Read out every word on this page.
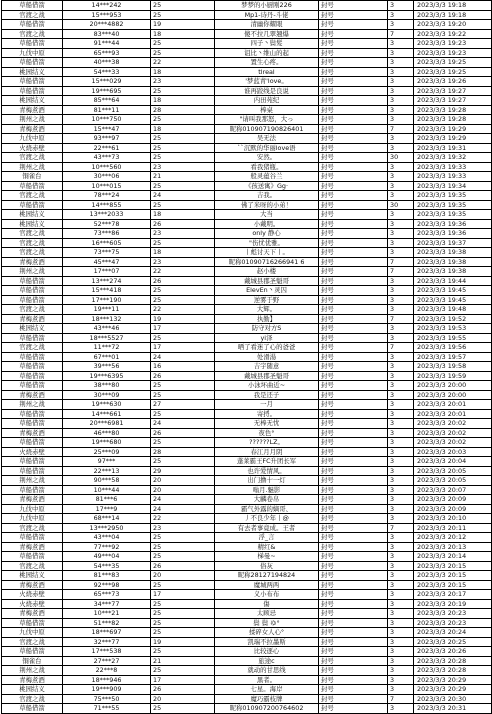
草船借箭	14***242	25	梦梦的小厨刚226	封号	3	2023/3/3 19:18
官渡之战	15***953	25	Mp1-诗丹-斗佬	封号	3	2023/3/3 19:18
草船借箭	20***4882	19	清幽你耀眼	封号	3	2023/3/3 19:20
官渡之战	83***40	18	傻不拉几翠翘爆	封号	7	2023/3/3 19:22
草船借箭	91***44	25	四子丶鬓髪	封号	3	2023/3/3 19:23
九伐中原	65***93	25	诅比丶维山的起	封号	3	2023/3/3 19:23
草船借箭	40***38	22	置生心疼。	封号	3	2023/3/3 19:25
桃园结义	54***33	18	tlreal	封号	3	2023/3/3 19:25
草船借箭	15***029	23	'梦蓝青'love。	封号	3	2023/3/3 19:26
草船借箭	19***695	25	谁再跤线是良说	封号	3	2023/3/3 19:27
桃园结义	85***64	18	内田苑纪	封号	3	2023/3/3 19:27
青梅煮酒	81***11	28	棒桌	封号	3	2023/3/3 19:28
荆州之战	10***750	25	"请叫我那怒，大っ	封号	3	2023/3/3 19:28
青梅煮酒	15***47	18	昵称010907190826401	封号	7	2023/3/3 19:29
九伐中原	93***97	25	吴无法	封号	3	2023/3/3 19:29
火烧赤壁	22***61	25	``沉默的华丽love语	封号	3	2023/3/3 19:31
官渡之战	43***73	25	安然。	封号	30	2023/3/3 19:32
荆州之战	10***560	23	看我猪瓶。	封号	3	2023/3/3 19:33
铜雀台	30***06	21	般灵蕴谷兰	封号	3	2023/3/3 19:33
草船借箭	10***015	25	《孩送寓》Gg·	封号	3	2023/3/3 19:34
官渡之战	78***24	24	吉我。	封号	3	2023/3/3 19:35
草船借箭	14***855	25	佛了米呀的小弟！	封号	30	2023/3/3 19:35
桃园结义	13***2033	18	大当	封号	3	2023/3/3 19:35
桃园结义	52***78	26	小戴明。	封号	3	2023/3/3 19:36
官渡之战	73***86	23	only 静心	封号	3	2023/3/3 19:36
官渡之战	16***605	25	"伤忧优雅。	封号	3	2023/3/3 19:37
官渡之战	73***75	18	丨彪讨天下丨。	封号	3	2023/3/3 19:38
青梅煮酒	45***47	23	昵称01090716266941 6	封号	7	2023/3/3 19:38
荆州之战	17***07	22	赵小楼	封号	7	2023/3/3 19:38
草船借箭	13***274	26	戴城县郡圣魁哥	封号	3	2023/3/3 19:44
草船借箭	15***418	25	ElevEn丶灵囚	封号	3	2023/3/3 19:45
草船借箭	17***190	25	逆雾于野	封号	3	2023/3/3 19:45
官渡之战	19***11	22	大辉。	封号	3	2023/3/3 19:48
青梅煮酒	18***132	19	执勤】	封号	7	2023/3/3 19:52
桃园结义	43***46	17	防守对方S	封号	3	2023/3/3 19:53
草船借箭	18***5527	25	yi泽	封号	3	2023/3/3 19:55
官渡之战	11***72	17	晒了看迷了心的爸爸	封号	7	2023/3/3 19:56
草船借箭	67***01	24	处滑湯	封号	3	2023/3/3 19:57
草船借箭	39***56	16	吉宇随意	封号	3	2023/3/3 19:58
草船借箭	19***6395	26	戴城县郡圣魁哥	封号	3	2023/3/3 19:59
草船借箭	38***80	25	小泳坏曲近~	封号	3	2023/3/3 20:00
青梅煮酒	30***09	25	我是还子	封号	3	2023/3/3 20:00
荆州之战	19***630	27	一月	封号	3	2023/3/3 20:01
草船借箭	14***661	25	寄捋。	封号	3	2023/3/3 20:01
草船借箭	20***6981	24	无棒无忧	封号	3	2023/3/3 20:02
青梅煮酒	46***80	26	夜色°	封号	3	2023/3/3 20:02
草船借箭	19***680	25	??????LZ。	封号	3	2023/3/3 20:02
火烧赤壁	25***09	28	春江月月阴	封号	3	2023/3/3 20:03
草船借箭	97***	25	蓬莱霸王FC升团长军	封号	3	2023/3/3 20:04
草船借箭	22***13	29	也许爱情风。	封号	3	2023/3/3 20:05
荆州之战	90***58	20	出门撸十一灯	封号	3	2023/3/3 20:05
草船借箭	10***44	20	嗡月.魅影	封号	3	2023/3/3 20:07
青梅煮酒	81***6	24	大麟卷帛	封号	3	2023/3/3 20:09
九伐中原	17***9	24	霸气外露的嫡哥、	封号	3	2023/3/3 20:09
九伐中原	68***14	22	丿不良少年丨@	封号	3	2023/3/3 20:10
官渡之战	13***2950	23	有去者事竟成。王者	封号	7	2023/3/3 20:11
草船借箭	43***04	25	浮_言	封号	3	2023/3/3 20:12
青梅煮酒	77***92	25	精红&	封号	3	2023/3/3 20:13
草船借箭	49***04	25	梯曼~	封号	3	2023/3/3 20:14
官渡之战	54***35	26	俗灰	封号	3	2023/3/3 20:15
桃园结义	81***83	20	昵称28127194824	封号	3	2023/3/3 20:15
青梅煮酒	92***98	25	魔城两两	封号	3	2023/3/3 20:15
火烧赤壁	65***73	17	义小布布	封号	3	2023/3/3 20:17
火烧赤壁	34***77	25	傷	封号	3	2023/3/3 20:19
青梅煮酒	10***21	25	太顾忌	封号	3	2023/3/3 20:23
草船借箭	51***82	25	鬓 鬓 ゆ°	封号	3	2023/3/3 20:23
九伐中原	18***697	25	揉碎女人心°	封号	3	2023/3/3 20:24
官渡之战	32***77	19	凯瑞不拉墨斯	封号	3	2023/3/3 20:25
草船借箭	17***538	25	比较逐心	封号	3	2023/3/3 20:26
铜雀台	27***27	21	旅途c	封号	3	2023/3/3 20:28
荆州之战	22***8	25	就动的甘思线	封号	3	2023/3/3 20:28
青梅煮酒	18***946	17	黒者。	封号	3	2023/3/3 20:29
桃园结义	19***909	26	七星。海岸	封号	3	2023/3/3 20:29
官渡之战	75***50	20	魔巧霸枝牌	封号	7	2023/3/3 20:30
草船借箭	71***55	25	昵称010907200764602	封号	3	2023/3/3 20:31
